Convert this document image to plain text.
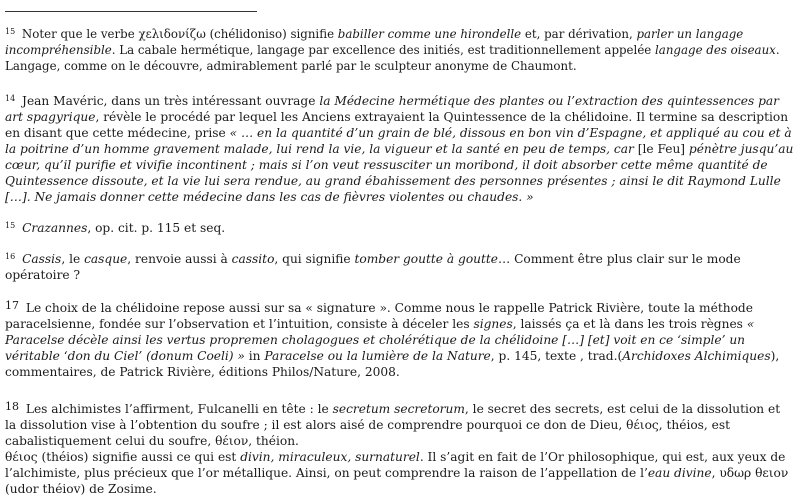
$^{15}$ Noter que le verbe χελιδονίζω (chélidoniso) signifie babiller comme une hirondelle et, par dérivation, parler un langage incompréhensible. La cabale hermétique, langage par excellence des initiés, est traditionnellement appelée langage des oiseaux. Langage, comme on le découvre, admirablement parlé par le sculpteur anonyme de Chaumont.

$^{14}$ Jean Mavéric, dans un très intéressant ouvrage la Médecine hermétique des plantes ou l’extraction des quintessences par art spagyrique, révèle le procédé par lequel les Anciens extrayaient la Quintessence de la chélidoine. Il termine sa description en disant que cette médecine, prise « … en la quantité d’un grain de blé, dissous en bon vin d’Espagne, et appliqué au cou et à la poitrine d’un homme gravement malade, lui rend la vie, la vigueur et la santé en peu de temps, car [le Feu] pénètre jusqu’au cœur, qu’il purifie et vivifie incontinent ; mais si l’on veut ressusciter un moribond, il doit absorber cette même quantité de Quintessence dissoute, et la vie lui sera rendue, au grand ébahissement des personnes présentes ; ainsi le dit Raymond Lulle […]. Ne jamais donner cette médecine dans les cas de fièvres violentes ou chaudes. »

$^{15}$ Crazannes, op. cit. p. 115 et seq.

$^{16}$ Cassis, le casque, renvoie aussi à cassito, qui signifie tomber goutte à goutte… Comment être plus clair sur le mode opératoire ?

$^{17}$ Le choix de la chélidoine repose aussi sur sa « signature ». Comme nous le rappelle Patrick Rivière, toute la méthode paracelsienne, fondée sur l’observation et l’intuition, consiste à déceler les signes, laissés ça et là dans les trois règnes « Paracelse décèle ainsi les vertus propremen cholagogues et cholérétique de la chélidoine […] [et] voit en ce ‘simple’ un véritable ‘don du Ciel’ (donum Coeli) » in Paracelse ou la lumière de la Nature, p. 145, texte , trad.(Archidoxes Alchimiques), commentaires, de Patrick Rivière, éditions Philos/Nature, 2008.

$^{18}$ Les alchimistes l’affirment, Fulcanelli en tête : le secretum secretorum, le secret des secrets, est celui de la dissolution et la dissolution vise à l’obtention du soufre ; il est alors aisé de comprendre pourquoi ce don de Dieu, θέιος, théios, est cabalistiquement celui du soufre, θέιον, théion.
θέιος (théios) signifie aussi ce qui est divin, miraculeux, surnaturel. Il s’agit en fait de l’Or philosophique, qui est, aux yeux de l’alchimiste, plus précieux que l’or métallique. Ainsi, on peut comprendre la raison de l’appellation de l’eau divine, υδωρ θειον (udor théiov) de Zosime.
